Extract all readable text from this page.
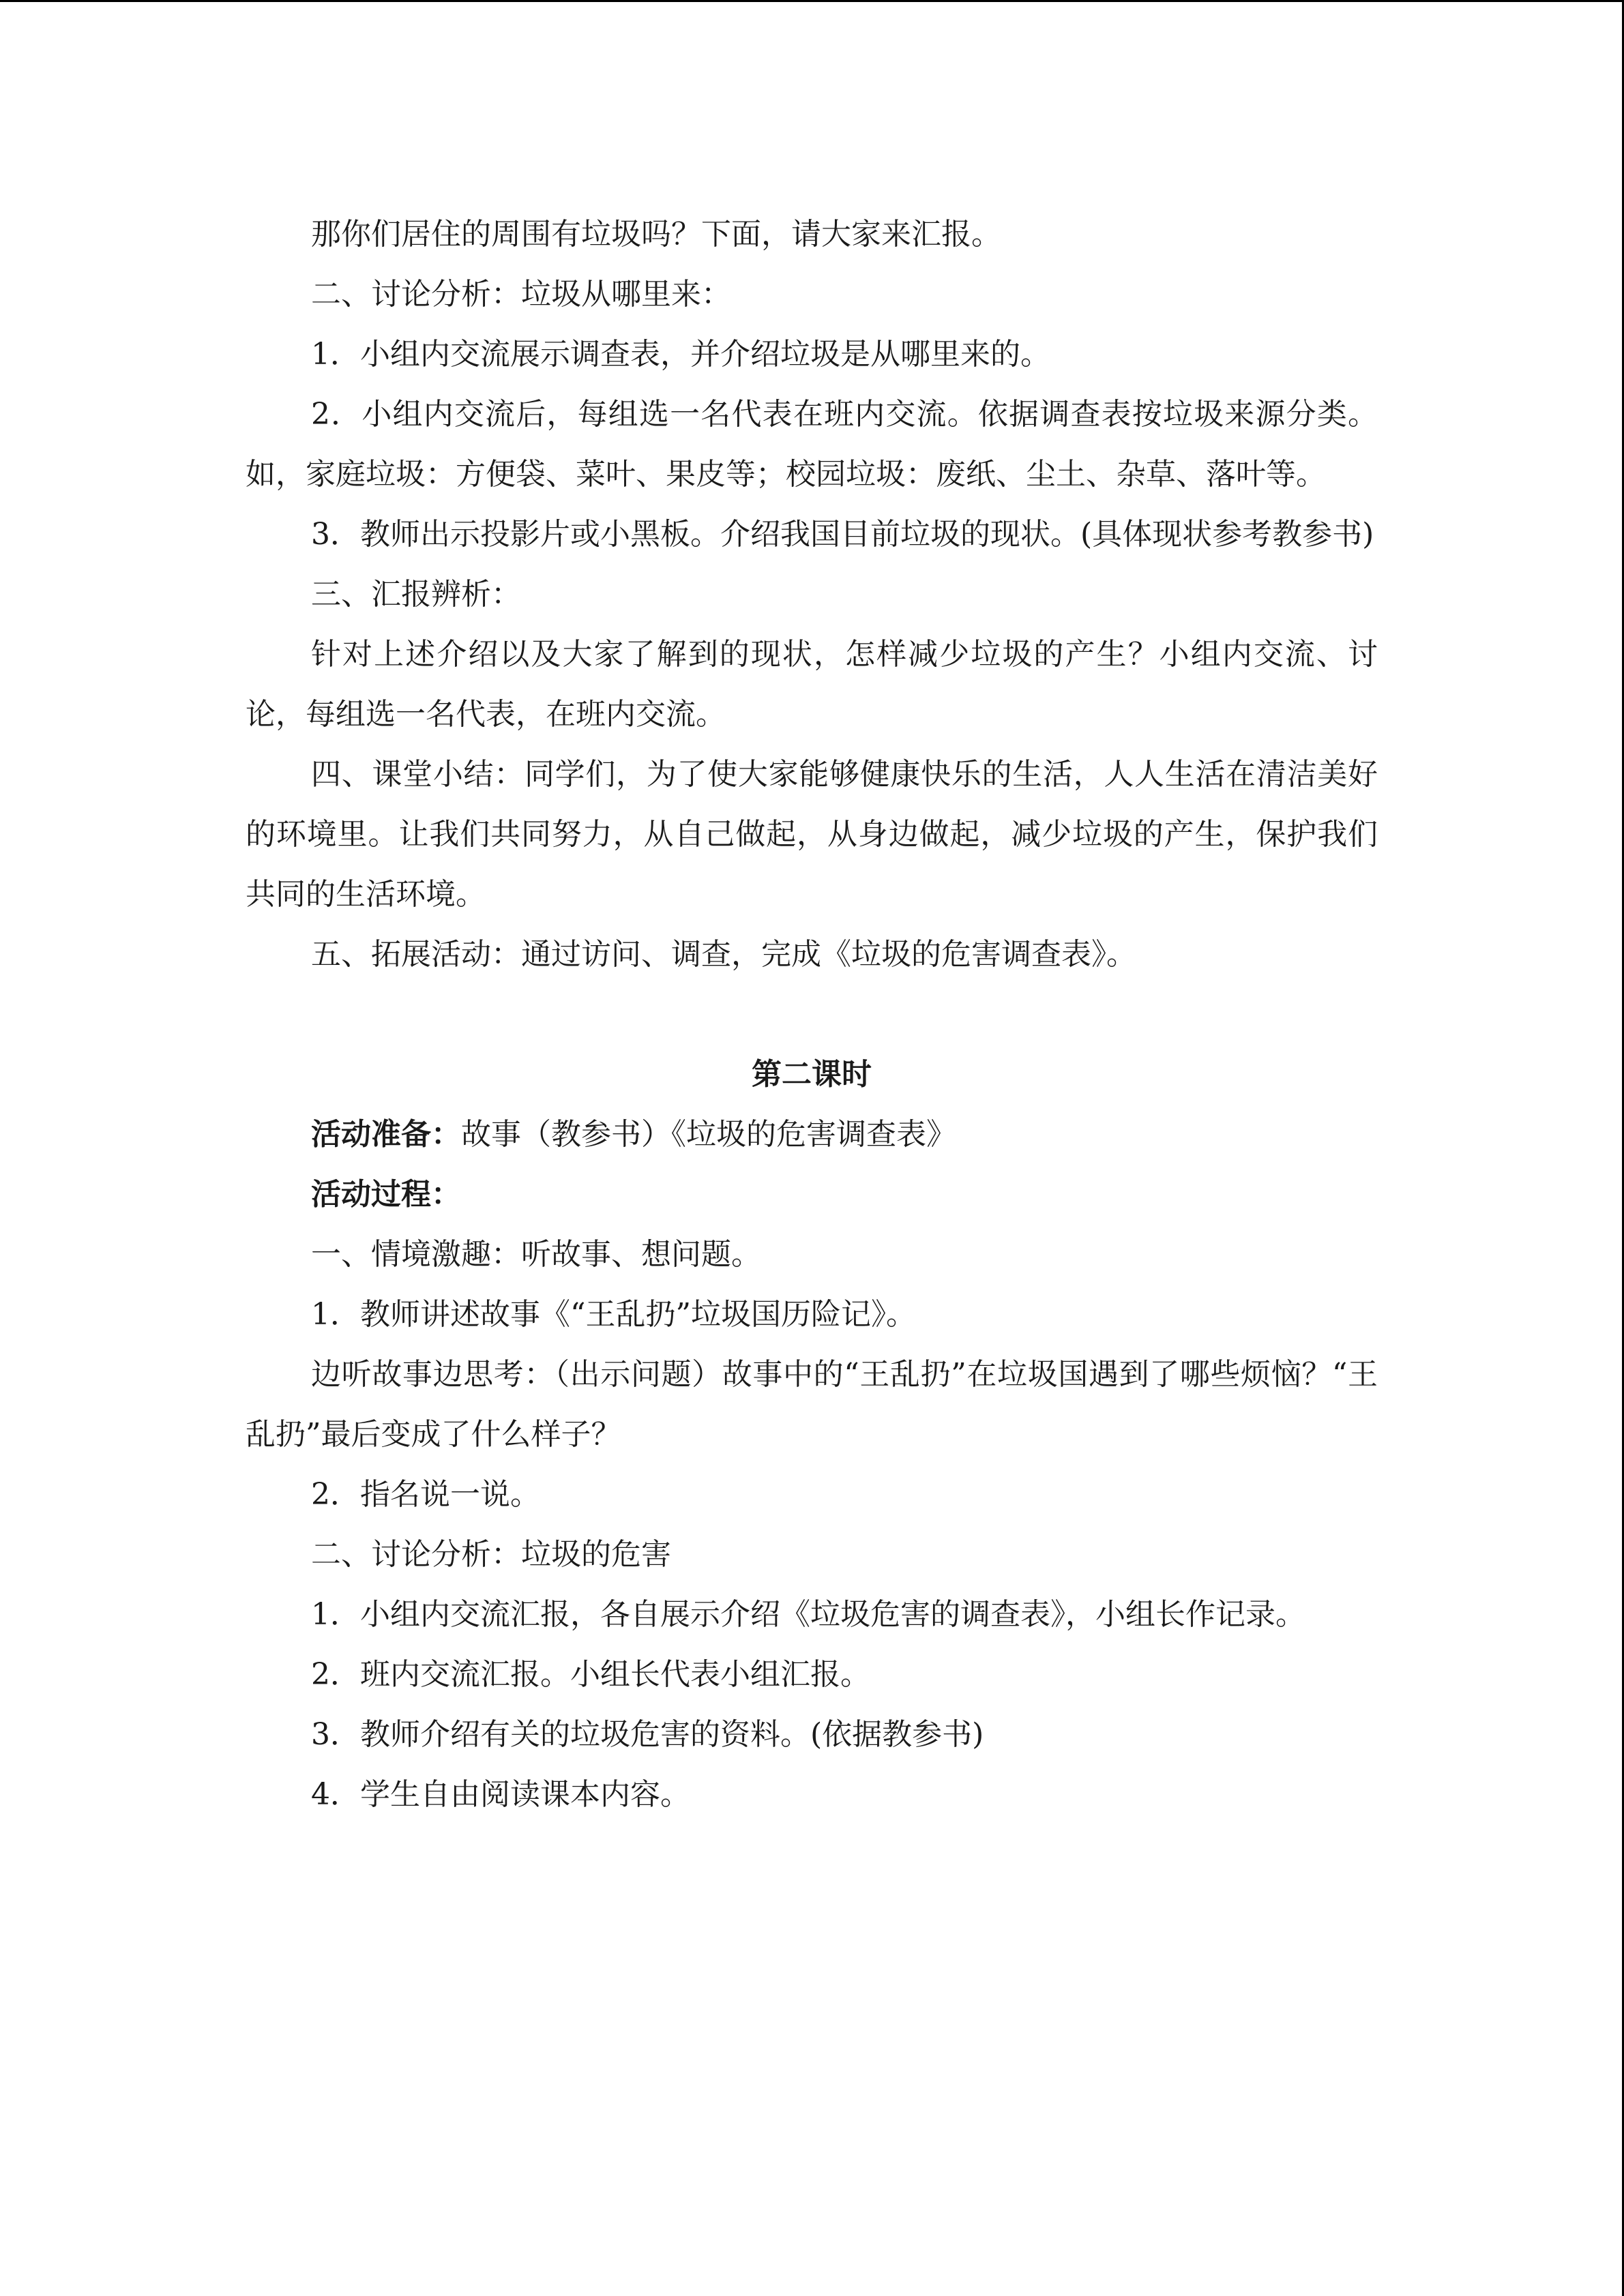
那你们居住的周围有垃圾吗？下面，请大家来汇报。

二、讨论分析：垃圾从哪里来：

1．小组内交流展示调查表，并介绍垃圾是从哪里来的。

2．小组内交流后，每组选一名代表在班内交流。依据调查表按垃圾来源分类。如，家庭垃圾：方便袋、菜叶、果皮等；校园垃圾：废纸、尘土、杂草、落叶等。

3．教师出示投影片或小黑板。介绍我国目前垃圾的现状。(具体现状参考教参书)

三、汇报辨析：

针对上述介绍以及大家了解到的现状，怎样减少垃圾的产生？小组内交流、讨论，每组选一名代表，在班内交流。

四、课堂小结：同学们，为了使大家能够健康快乐的生活，人人生活在清洁美好的环境里。让我们共同努力，从自己做起，从身边做起，减少垃圾的产生，保护我们共同的生活环境。

五、拓展活动：通过访问、调查，完成《垃圾的危害调查表》。

第二课时

活动准备：故事（教参书）《垃圾的危害调查表》

活动过程：

一、情境激趣：听故事、想问题。

1．教师讲述故事《“王乱扔”垃圾国历险记》。

边听故事边思考：（出示问题）故事中的“王乱扔”在垃圾国遇到了哪些烦恼？“王乱扔”最后变成了什么样子？

2．指名说一说。

二、讨论分析：垃圾的危害

1．小组内交流汇报，各自展示介绍《垃圾危害的调查表》，小组长作记录。

2．班内交流汇报。小组长代表小组汇报。

3．教师介绍有关的垃圾危害的资料。(依据教参书)

4．学生自由阅读课本内容。
